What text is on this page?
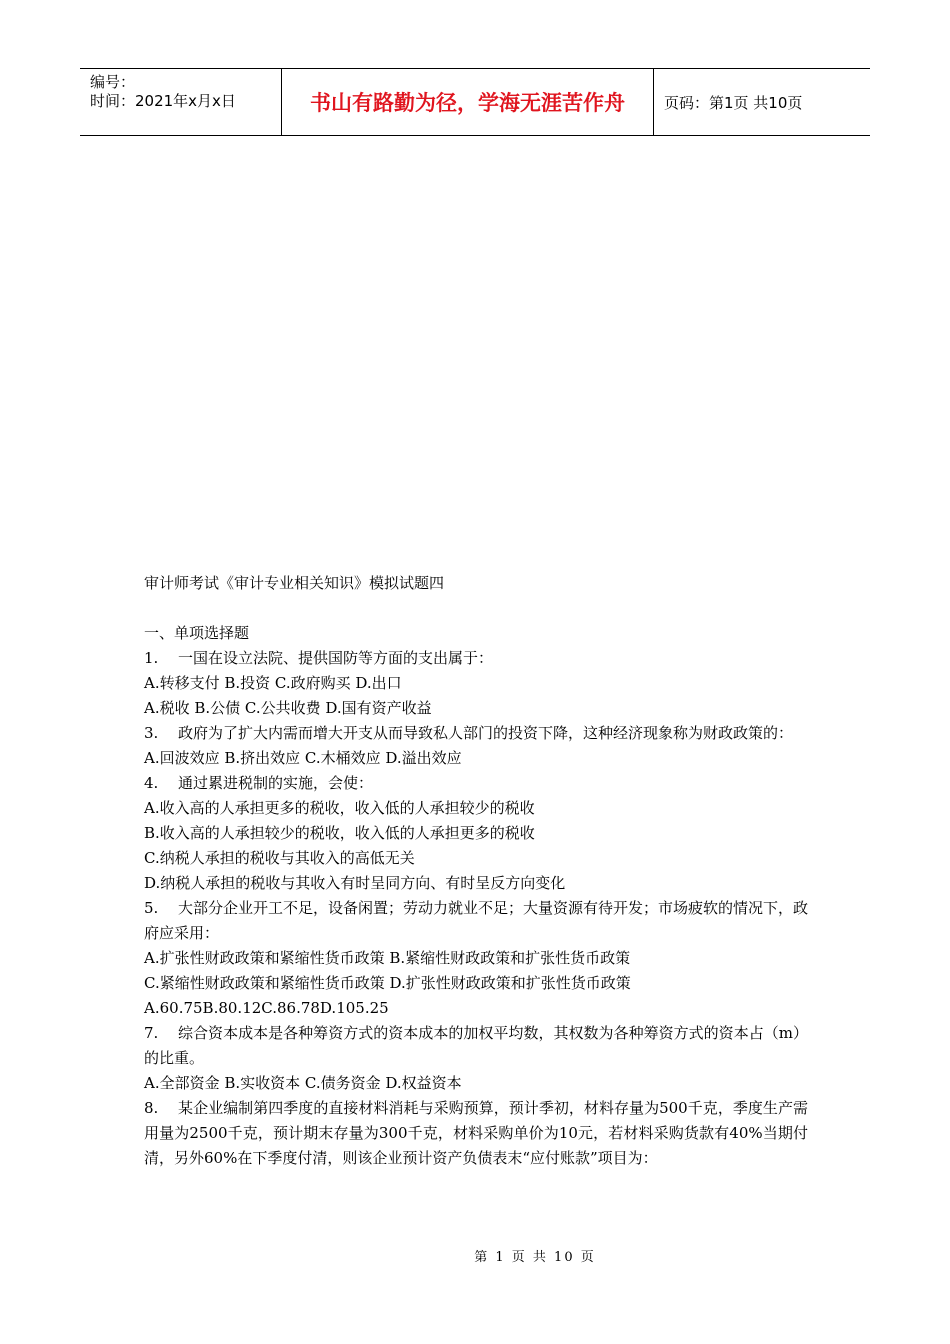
编号：
时间：2021年x月x日	书山有路勤为径，学海无涯苦作舟	页码：第1页 共10页

审计师考试《审计专业相关知识》模拟试题四

一、单项选择题

1. 一国在设立法院、提供国防等方面的支出属于：

A.转移支付 B.投资 C.政府购买 D.出口

A.税收 B.公债 C.公共收费 D.国有资产收益

3. 政府为了扩大内需而增大开支从而导致私人部门的投资下降，这种经济现象称为财政政策的：

A.回波效应 B.挤出效应 C.木桶效应 D.溢出效应

4. 通过累进税制的实施，会使：

A.收入高的人承担更多的税收，收入低的人承担较少的税收

B.收入高的人承担较少的税收，收入低的人承担更多的税收

C.纳税人承担的税收与其收入的高低无关

D.纳税人承担的税收与其收入有时呈同方向、有时呈反方向变化

5. 大部分企业开工不足，设备闲置；劳动力就业不足；大量资源有待开发；市场疲软的情况下，政府应采用：

A.扩张性财政政策和紧缩性货币政策 B.紧缩性财政政策和扩张性货币政策

C.紧缩性财政政策和紧缩性货币政策 D.扩张性财政政策和扩张性货币政策

A.60.75B.80.12C.86.78D.105.25

7. 综合资本成本是各种筹资方式的资本成本的加权平均数，其权数为各种筹资方式的资本占（m）的比重。

A.全部资金 B.实收资本 C.债务资金 D.权益资本

8. 某企业编制第四季度的直接材料消耗与采购预算，预计季初，材料存量为500千克，季度生产需用量为2500千克，预计期末存量为300千克，材料采购单价为10元，若材料采购货款有40%当期付清，另外60%在下季度付清，则该企业预计资产负债表末“应付账款”项目为：

第 1 页 共 10 页
